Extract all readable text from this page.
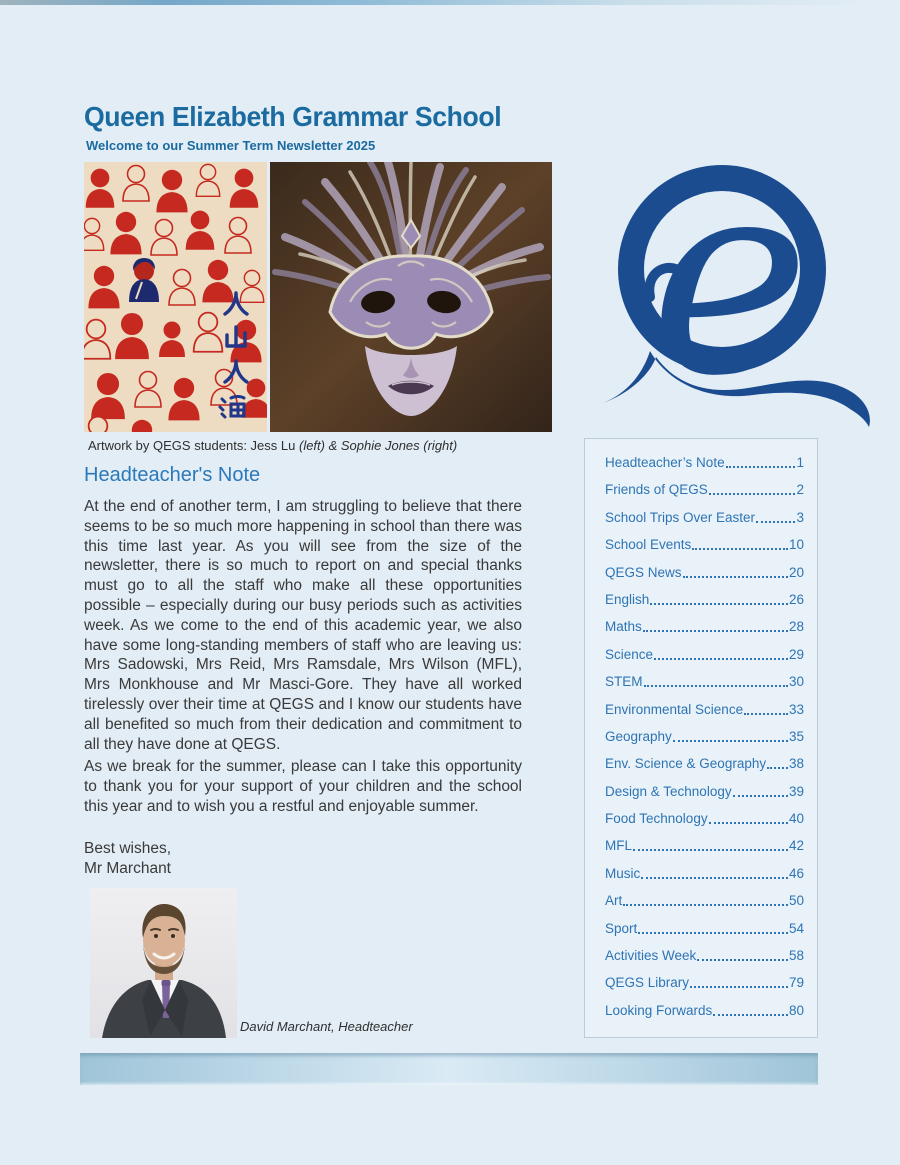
Queen Elizabeth Grammar School
Welcome to our Summer Term Newsletter 2025
Artwork by QEGS students: Jess Lu (left) & Sophie Jones (right)
Headteacher's Note

At the end of another term, I am struggling to believe that there seems to be so much more happening in school than there was this time last year. As you will see from the size of the newsletter, there is so much to report on and special thanks must go to all the staff who make all these opportunities possible – especially during our busy periods such as activities week. As we come to the end of this academic year, we also have some long-standing members of staff who are leaving us: Mrs Sadowski, Mrs Reid, Mrs Ramsdale, Mrs Wilson (MFL), Mrs Monkhouse and Mr Masci-Gore. They have all worked tirelessly over their time at QEGS and I know our students have all benefited so much from their dedication and commitment to all they have done at QEGS.

As we break for the summer, please can I take this opportunity to thank you for your support of your children and the school this year and to wish you a restful and enjoyable summer.

Best wishes,
Mr Marchant
David Marchant, Headteacher
e
Headteacher’s Note	1
Friends of QEGS	2
School Trips Over Easter	3
School Events	10
QEGS News	20
English	26
Maths	28
Science	29
STEM	30
Environmental Science	33
Geography	35
Env. Science & Geography 38
Design & Technology	39
Food Technology	40
MFL	42
Music	46
Art	50
Sport	54
Activities Week	58
QEGS Library	79
Looking Forwards	80
